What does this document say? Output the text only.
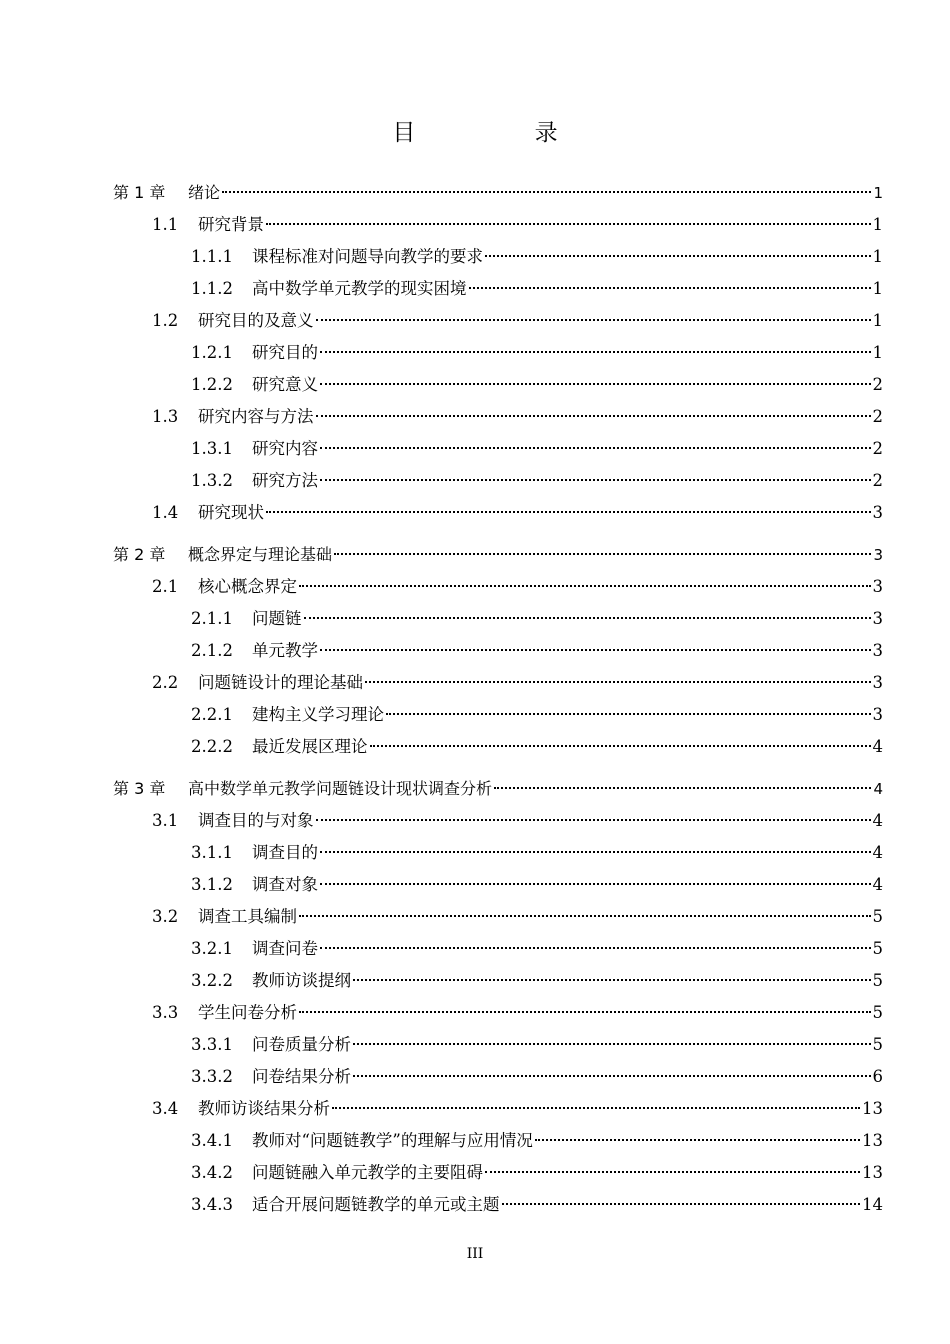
目 录
第 1 章	绪论	1
1.1	研究背景	1
1.1.1	课程标准对问题导向教学的要求	1
1.1.2	高中数学单元教学的现实困境	1
1.2	研究目的及意义	1
1.2.1	研究目的	1
1.2.2	研究意义	2
1.3	研究内容与方法	2
1.3.1	研究内容	2
1.3.2	研究方法	2
1.4	研究现状	3
第 2 章	概念界定与理论基础	3
2.1	核心概念界定	3
2.1.1	问题链	3
2.1.2	单元教学	3
2.2	问题链设计的理论基础	3
2.2.1	建构主义学习理论	3
2.2.2	最近发展区理论	4
第 3 章	高中数学单元教学问题链设计现状调查分析	4
3.1	调查目的与对象	4
3.1.1	调查目的	4
3.1.2	调查对象	4
3.2	调查工具编制	5
3.2.1	调查问卷	5
3.2.2	教师访谈提纲	5
3.3	学生问卷分析	5
3.3.1	问卷质量分析	5
3.3.2	问卷结果分析	6
3.4	教师访谈结果分析	13
3.4.1	教师对“问题链教学”的理解与应用情况	13
3.4.2	问题链融入单元教学的主要阻碍	13
3.4.3	适合开展问题链教学的单元或主题	14
III
